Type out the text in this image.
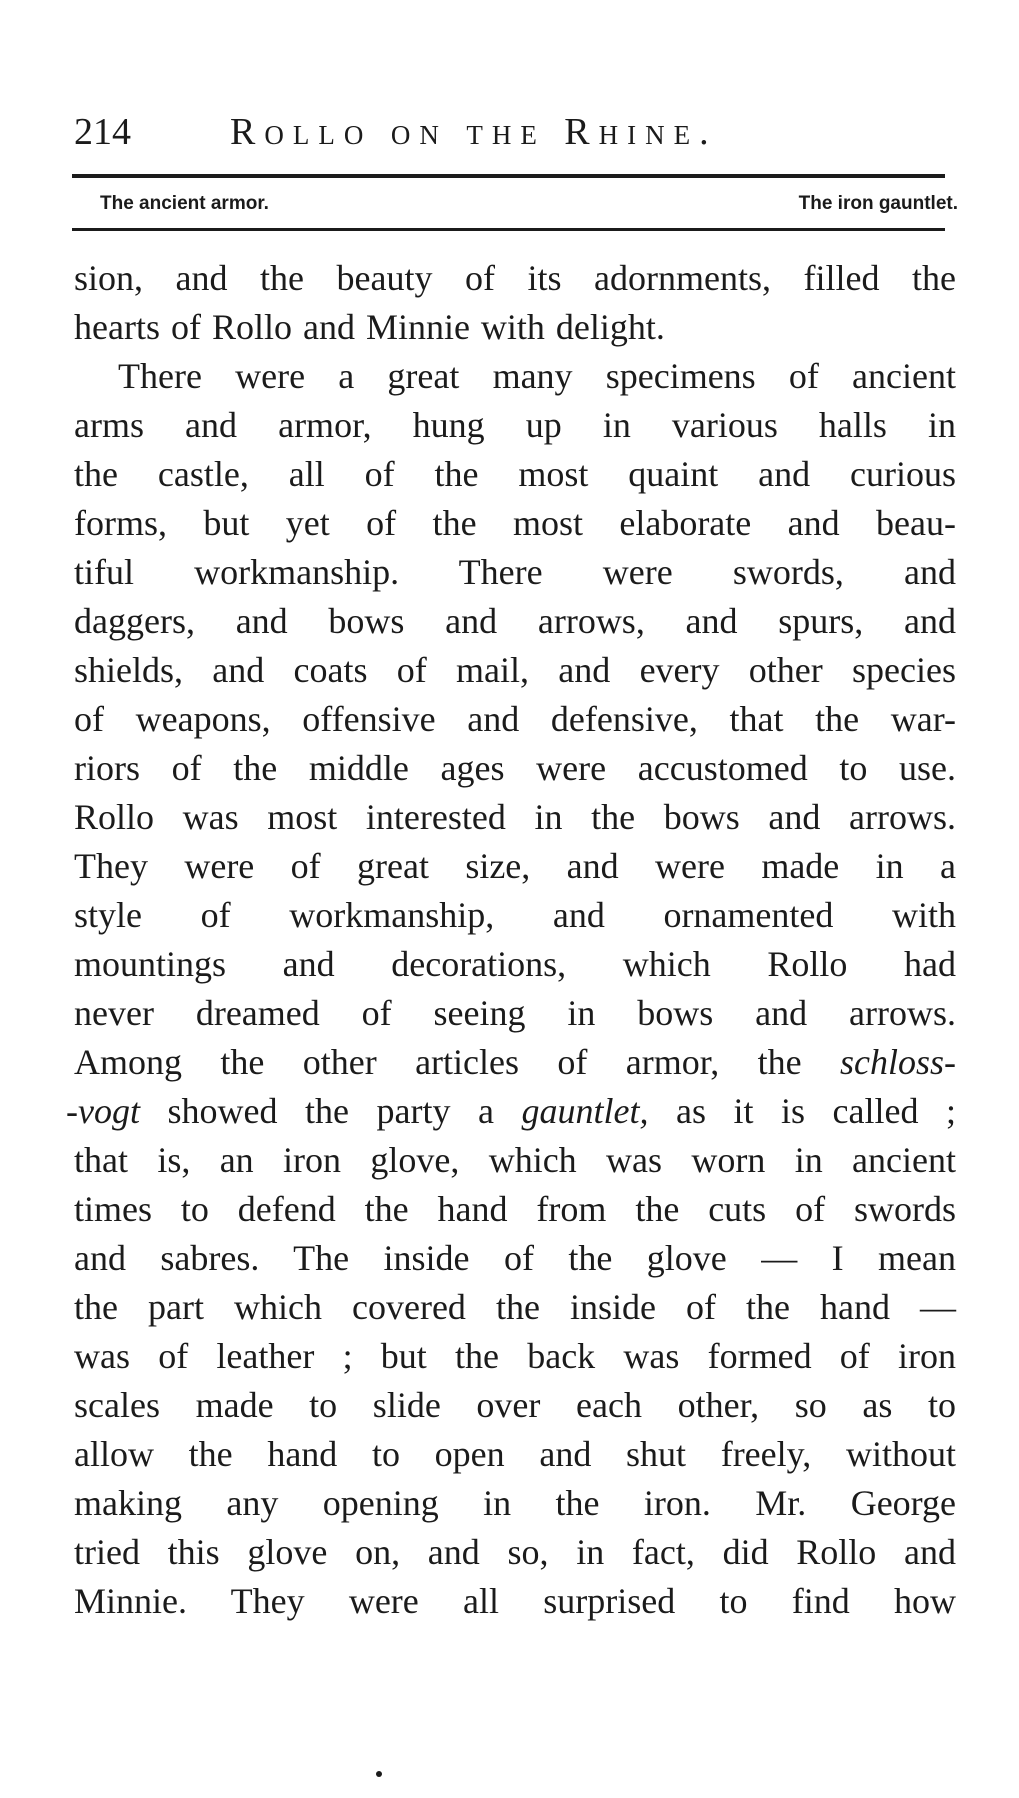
214	Rollo on the Rhine.
The ancient armor.	The iron gauntlet.
sion, and the beauty of its adornments, filled the
hearts of Rollo and Minnie with delight.
There were a great many specimens of ancient
arms and armor, hung up in various halls in
the castle, all of the most quaint and curious
forms, but yet of the most elaborate and beau-
tiful workmanship. There were swords, and
daggers, and bows and arrows, and spurs, and
shields, and coats of mail, and every other species
of weapons, offensive and defensive, that the war-
riors of the middle ages were accustomed to use.
Rollo was most interested in the bows and arrows.
They were of great size, and were made in a
style of workmanship, and ornamented with
mountings and decorations, which Rollo had
never dreamed of seeing in bows and arrows.
Among the other articles of armor, the schloss-
-vogt showed the party a gauntlet, as it is called ;
that is, an iron glove, which was worn in ancient
times to defend the hand from the cuts of swords
and sabres. The inside of the glove — I mean
the part which covered the inside of the hand —
was of leather ; but the back was formed of iron
scales made to slide over each other, so as to
allow the hand to open and shut freely, without
making any opening in the iron. Mr. George
tried this glove on, and so, in fact, did Rollo and
Minnie. They were all surprised to find how
